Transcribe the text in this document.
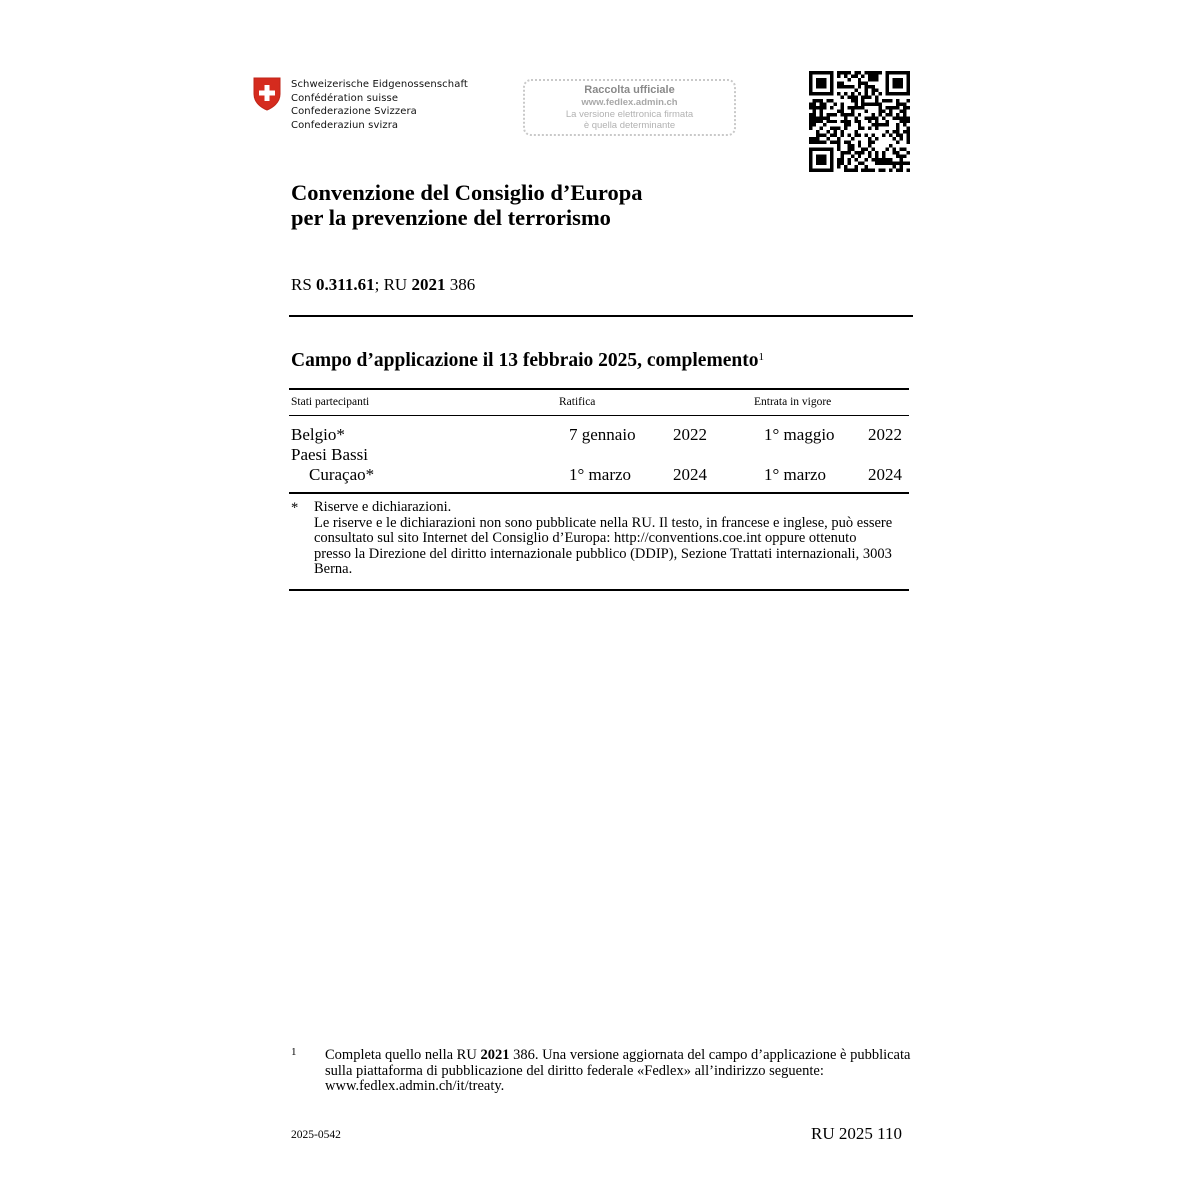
Schweizerische Eidgenossenschaft
Confédération suisse
Confederazione Svizzera
Confederaziun svizra
Raccolta ufficiale
www.fedlex.admin.ch
La versione elettronica firmata
è quella determinante
Convenzione del Consiglio d’Europa
per la prevenzione del terrorismo
RS 0.311.61; RU 2021 386
Campo d’applicazione il 13 febbraio 2025, complemento$^1$
Stati partecipanti	Ratifica	Entrata in vigore
Belgio*	7 gennaio 2022	1° maggio 2022
Paesi Bassi
Curaçao*	1° marzo 2024	1° marzo 2024
* Riserve e dichiarazioni.
Le riserve e le dichiarazioni non sono pubblicate nella RU. Il testo, in francese e inglese, può essere consultato sul sito Internet del Consiglio d’Europa: http://conventions.coe.int oppure ottenuto presso la Direzione del diritto internazionale pubblico (DDIP), Sezione Trattati internazionali, 3003 Berna.
1 Completa quello nella RU 2021 386. Una versione aggiornata del campo d’applicazione è pubblicata sulla piattaforma di pubblicazione del diritto federale «Fedlex» all’indirizzo seguente: www.fedlex.admin.ch/it/treaty.
2025-0542	RU 2025 110
